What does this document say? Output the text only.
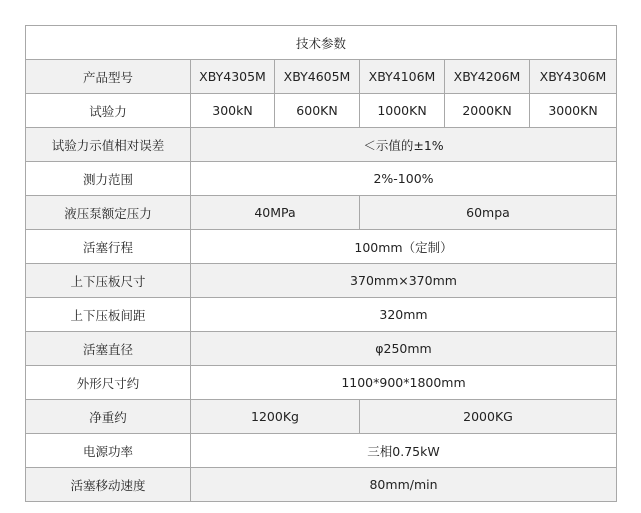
技术参数					
产品型号	XBY4305M	XBY4605M	XBY4106M	XBY4206M	XBY4306M
试验力	300kN	600KN	1000KN	2000KN	3000KN
试验力示值相对误差	＜示值的±1%				
测力范围	2%-100%				
液压泵额定压力	40MPa		60mpa		
活塞行程	100mm（定制）				
上下压板尺寸	370mm×370mm				
上下压板间距	320mm				
活塞直径	φ250mm				
外形尺寸约	1100*900*1800mm				
净重约	1200Kg		2000KG		
电源功率	三相0.75kW				
活塞移动速度	80mm/min				
